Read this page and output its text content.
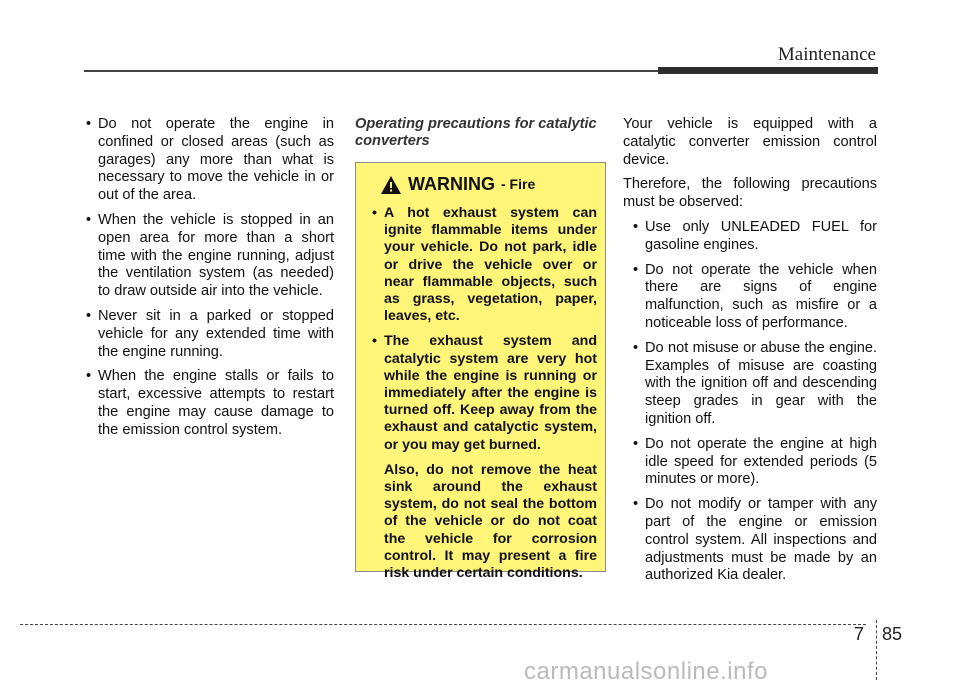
Maintenance
• Do not operate the engine in confined or closed areas (such as garages) any more than what is necessary to move the vehicle in or out of the area.
• When the vehicle is stopped in an open area for more than a short time with the engine running, adjust the ventilation system (as needed) to draw outside air into the vehicle.
• Never sit in a parked or stopped vehicle for any extended time with the engine running.
• When the engine stalls or fails to start, excessive attempts to restart the engine may cause damage to the emission control system.
Operating precautions for catalytic converters
WARNING - Fire
• A hot exhaust system can ignite flammable items under your vehicle. Do not park, idle or drive the vehicle over or near flammable objects, such as grass, vegetation, paper, leaves, etc.
• The exhaust system and catalytic system are very hot while the engine is running or immediately after the engine is turned off. Keep away from the exhaust and catalyctic system, or you may get burned.

Also, do not remove the heat sink around the exhaust system, do not seal the bottom of the vehicle or do not coat the vehicle for corrosion control. It may present a fire risk under certain conditions.

Your vehicle is equipped with a catalytic converter emission control device.

Therefore, the following precautions must be observed:

• Use only UNLEADED FUEL for gasoline engines.
• Do not operate the vehicle when there are signs of engine malfunction, such as misfire or a noticeable loss of performance.
• Do not misuse or abuse the engine. Examples of misuse are coasting with the ignition off and descending steep grades in gear with the ignition off.
• Do not operate the engine at high idle speed for extended periods (5 minutes or more).
• Do not modify or tamper with any part of the engine or emission control system. All inspections and adjustments must be made by an authorized Kia dealer.
7 85
carmanualsonline.info
